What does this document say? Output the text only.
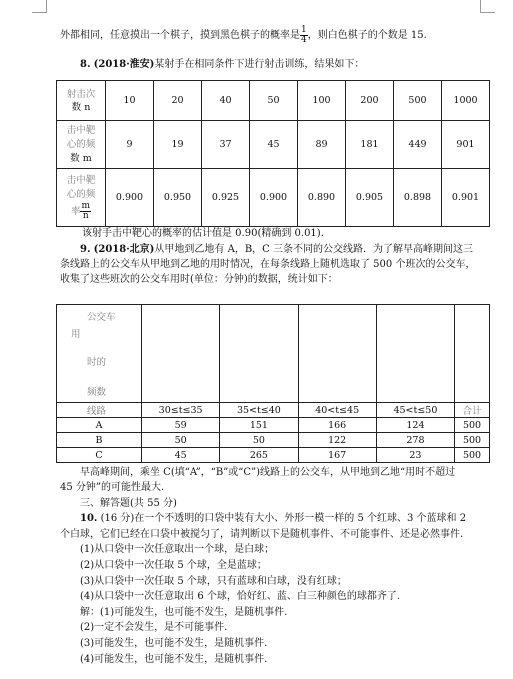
外都相同，任意摸出一个棋子，摸到黑色棋子的概率是 $\frac{1}{4}$ ，则白色棋子的个数是 15.
8. (2018·淮安)某射手在相同条件下进行射击训练，结果如下：
射击次
数 n	10	20	40	50	100	200	500	1000
击中靶
心的频
数 m	9	19	37	45	89	181	449	901
击中靶
心的频
率 $\frac{m}{n}$	0.900	0.950	0.925	0.900	0.890	0.905	0.898	0.901
该射手击中靶心的概率的估计值是 0.90(精确到 0.01).
9. (2018·北京)从甲地到乙地有 A，B，C 三条不同的公交线路．为了解早高峰期间这三
条线路上的公交车从甲地到乙地的用时情况，在每条线路上随机选取了 500 个班次的公交车，
收集了这些班次的公交车用时(单位：分钟)的数据，统计如下：
公交车
用
时的
频数					

线路	30≤t≤35	35<t≤40	40<t≤45	45<t≤50	合计
A	59	151	166	124	500
B	50	50	122	278	500
C	45	265	167	23	500
早高峰期间，乘坐 C(填“A”，“B”或“C”)线路上的公交车，从甲地到乙地“用时不超过
45 分钟”的可能性最大.
三、解答题(共 55 分)
10. (16 分)在一个不透明的口袋中装有大小、外形一模一样的 5 个红球、3 个蓝球和 2
个白球，它们已经在口袋中被搅匀了，请判断以下是随机事件、不可能事件、还是必然事件.
(1)从口袋中一次任意取出一个球，是白球；
(2)从口袋中一次任取 5 个球，全是蓝球；
(3)从口袋中一次任取 5 个球，只有蓝球和白球，没有红球；
(4)从口袋中一次任意取出 6 个球，恰好红、蓝、白三种颜色的球都齐了.
解：(1)可能发生，也可能不发生，是随机事件.
(2)一定不会发生，是不可能事件.
(3)可能发生，也可能不发生，是随机事件.
(4)可能发生，也可能不发生，是随机事件.
